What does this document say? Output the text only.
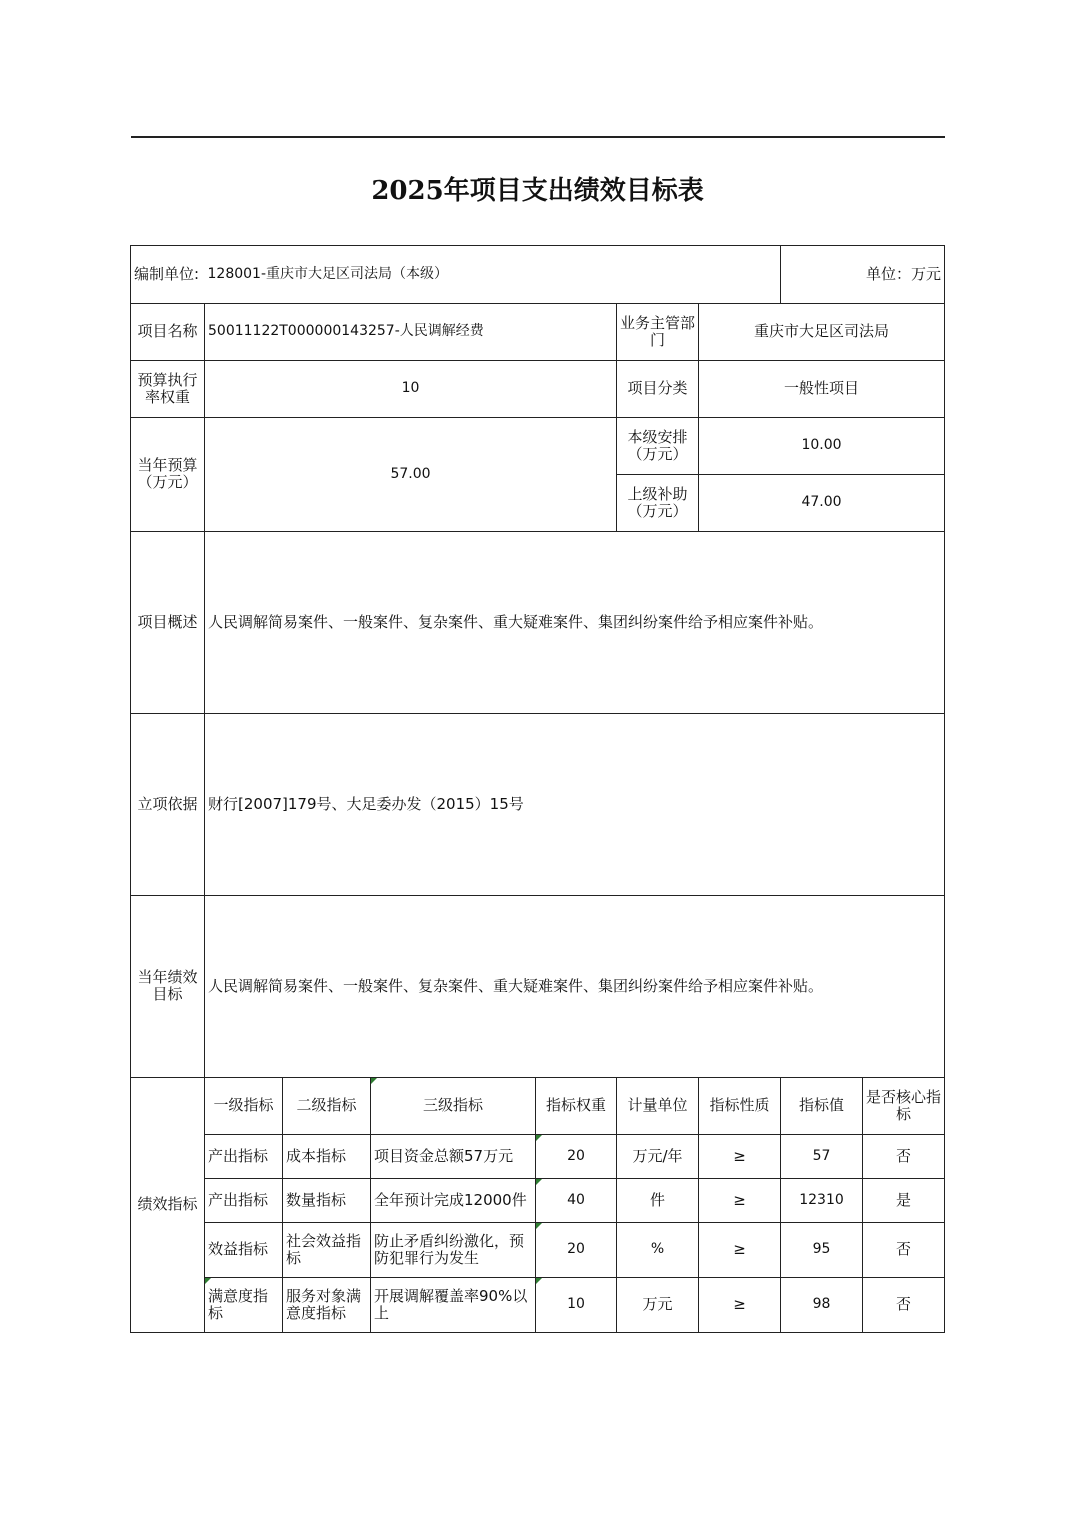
2025年项目支出绩效目标表								
编制单位:	128001-重庆市大足区司法局（本级）						单位：万元	
项目名称	50011122T000000143257-人民调解经费				业务主管部门	重庆市大足区司法局		
预算执行率权重	10				项目分类	一般性项目		
当年预算（万元）	57.00				本级安排（万元）	10.00		
					上级补助（万元）	47.00		
项目概述	人民调解简易案件、一般案件、复杂案件、重大疑难案件、集团纠纷案件给予相应案件补贴。							
立项依据	财行[2007]179号、大足委办发（2015）15号							
当年绩效目标	人民调解简易案件、一般案件、复杂案件、重大疑难案件、集团纠纷案件给予相应案件补贴。							
绩效指标	一级指标	二级指标	三级指标	指标权重	计量单位	指标性质	指标值	是否核心指标
	产出指标	成本指标	项目资金总额57万元	20	万元/年	≥	57	否
	产出指标	数量指标	全年预计完成12000件	40	件	≥	12310	是
	效益指标	社会效益指标	防止矛盾纠纷激化，预防犯罪行为发生	20	%	≥	95	否
	满意度指标	服务对象满意度指标	开展调解覆盖率90%以上	10	万元	≥	98	否
